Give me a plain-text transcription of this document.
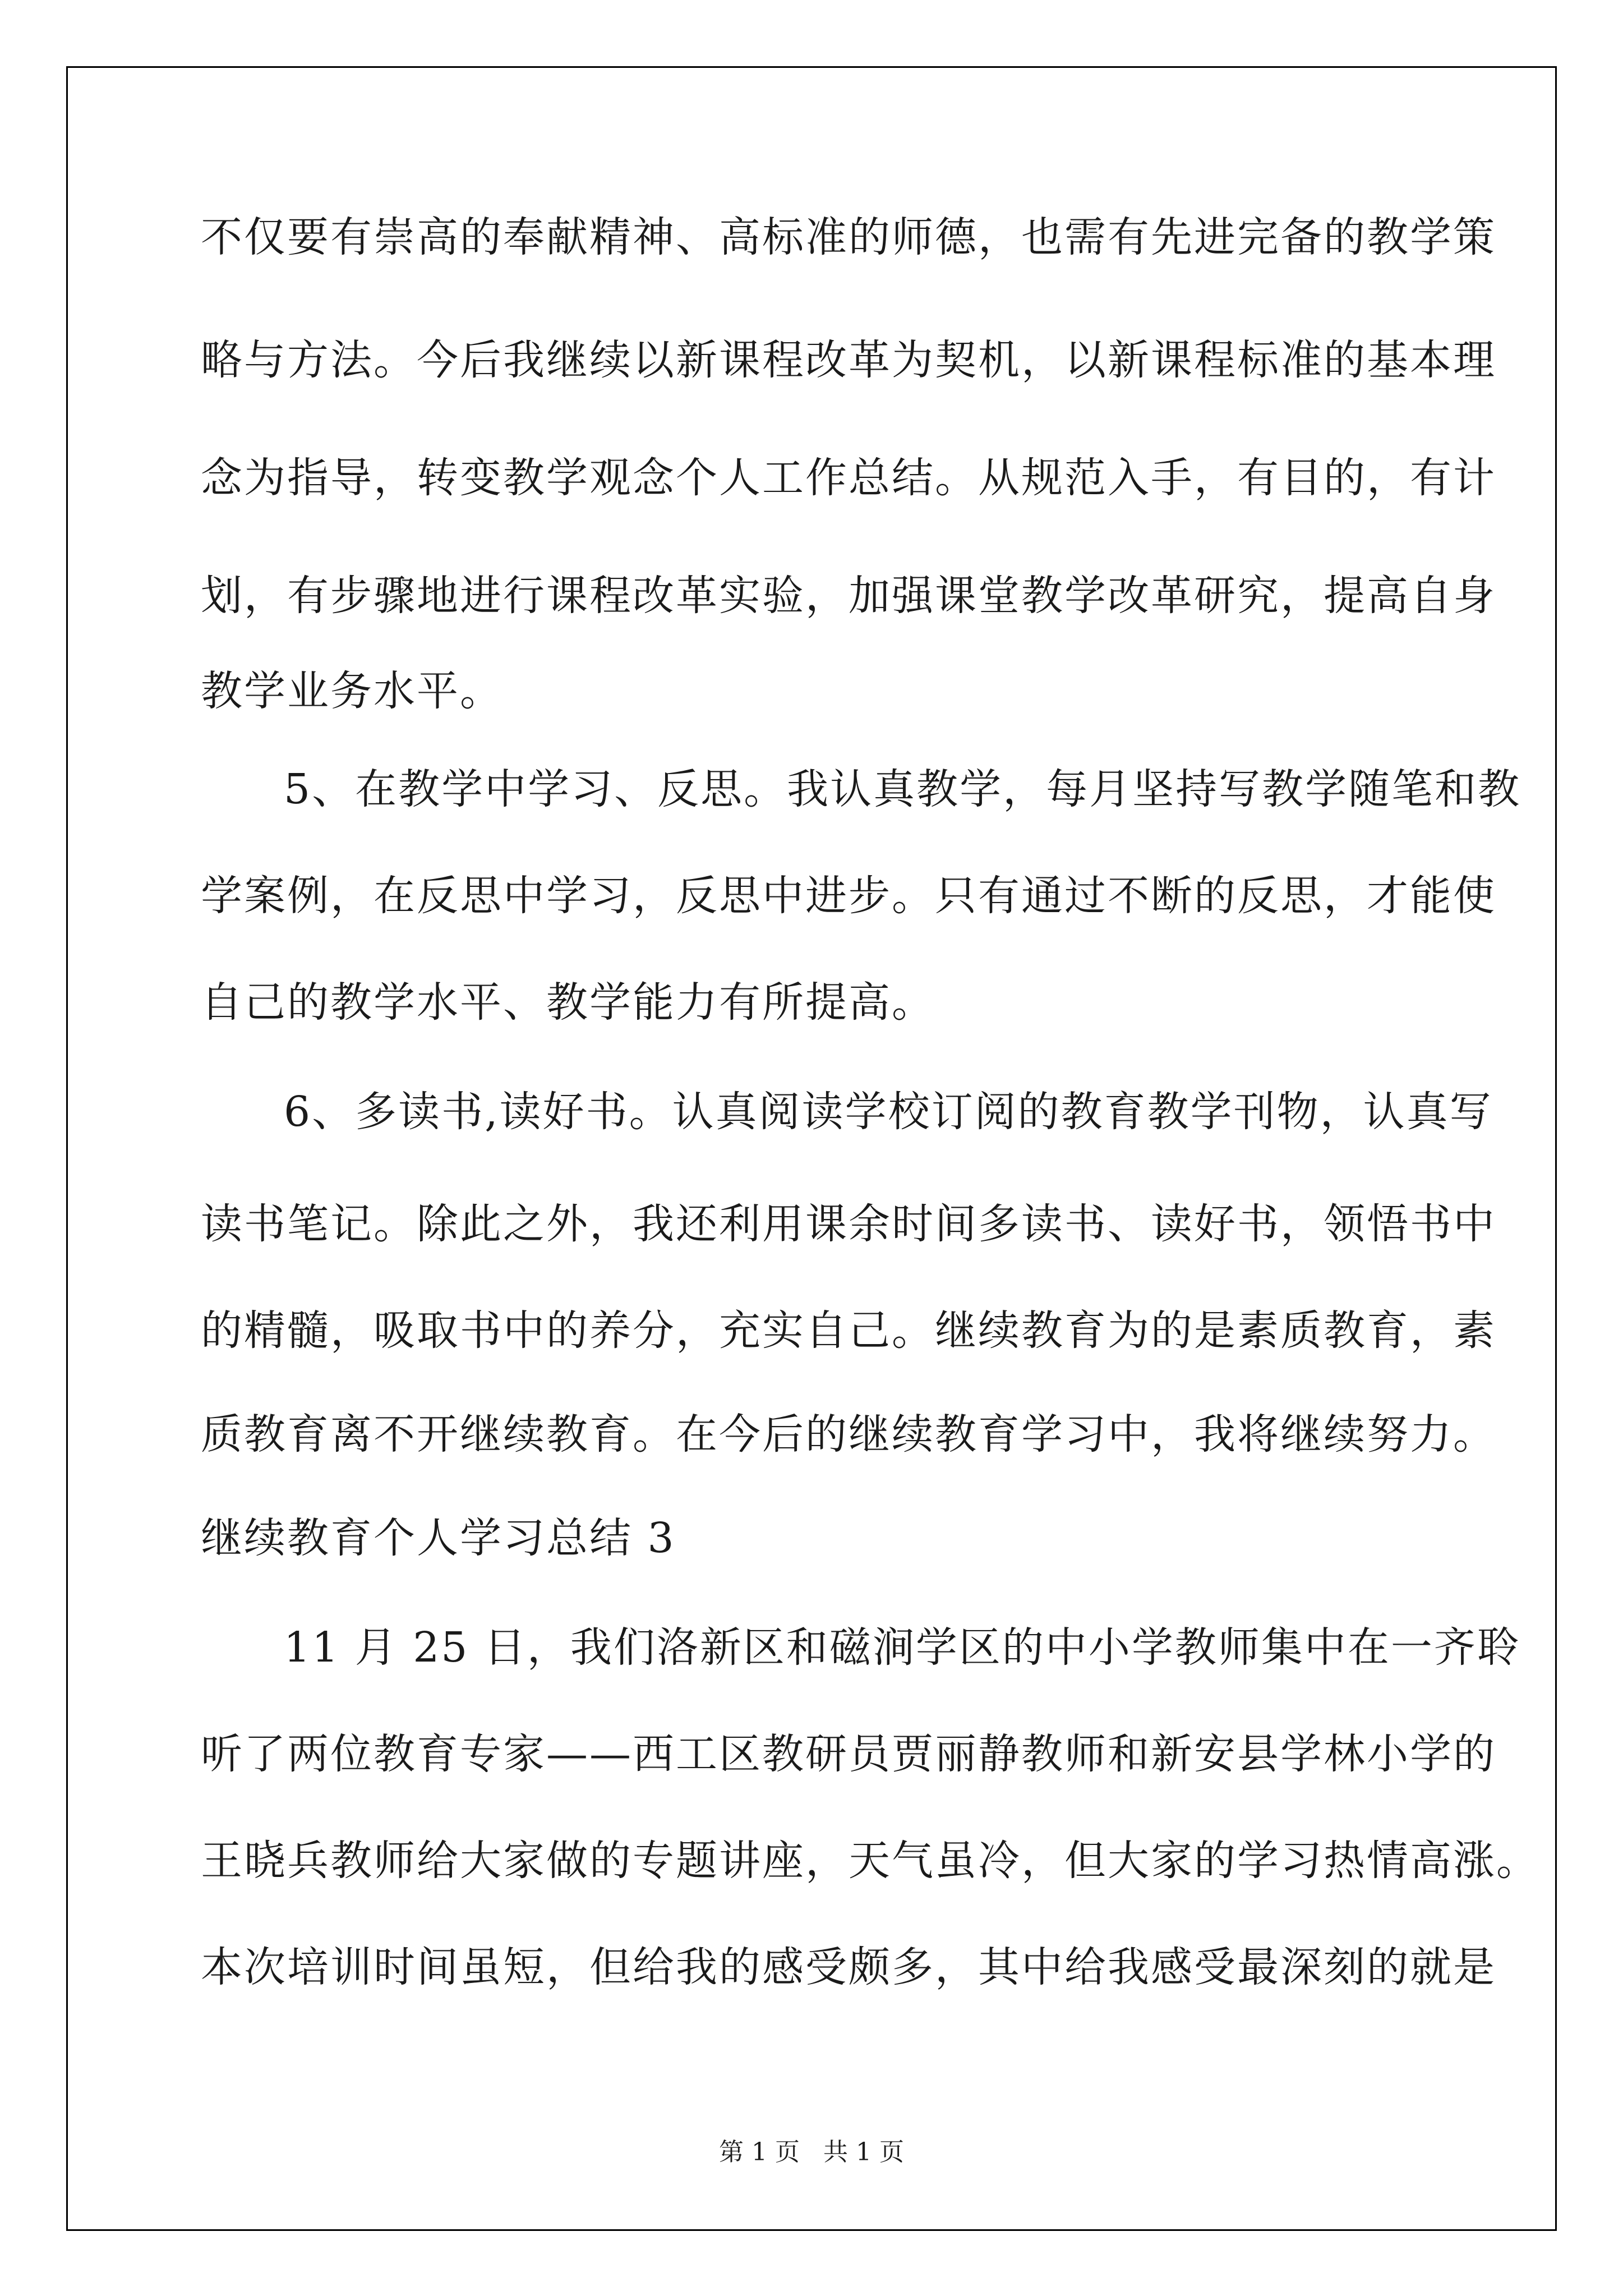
不仅要有崇高的奉献精神、高标准的师德，也需有先进完备的教学策
略与方法。今后我继续以新课程改革为契机，以新课程标准的基本理
念为指导，转变教学观念个人工作总结。从规范入手，有目的，有计
划，有步骤地进行课程改革实验，加强课堂教学改革研究，提高自身
教学业务水平。
5、在教学中学习、反思。我认真教学，每月坚持写教学随笔和教
学案例，在反思中学习，反思中进步。只有通过不断的反思，才能使
自己的教学水平、教学能力有所提高。
6、多读书,读好书。认真阅读学校订阅的教育教学刊物，认真写
读书笔记。除此之外，我还利用课余时间多读书、读好书，领悟书中
的精髓，吸取书中的养分，充实自己。继续教育为的是素质教育，素
质教育离不开继续教育。在今后的继续教育学习中，我将继续努力。
继续教育个人学习总结 3
11 月 25 日，我们洛新区和磁涧学区的中小学教师集中在一齐聆
听了两位教育专家——西工区教研员贾丽静教师和新安县学林小学的
王晓兵教师给大家做的专题讲座，天气虽冷，但大家的学习热情高涨。
本次培训时间虽短，但给我的感受颇多，其中给我感受最深刻的就是
第 1 页   共 1 页
